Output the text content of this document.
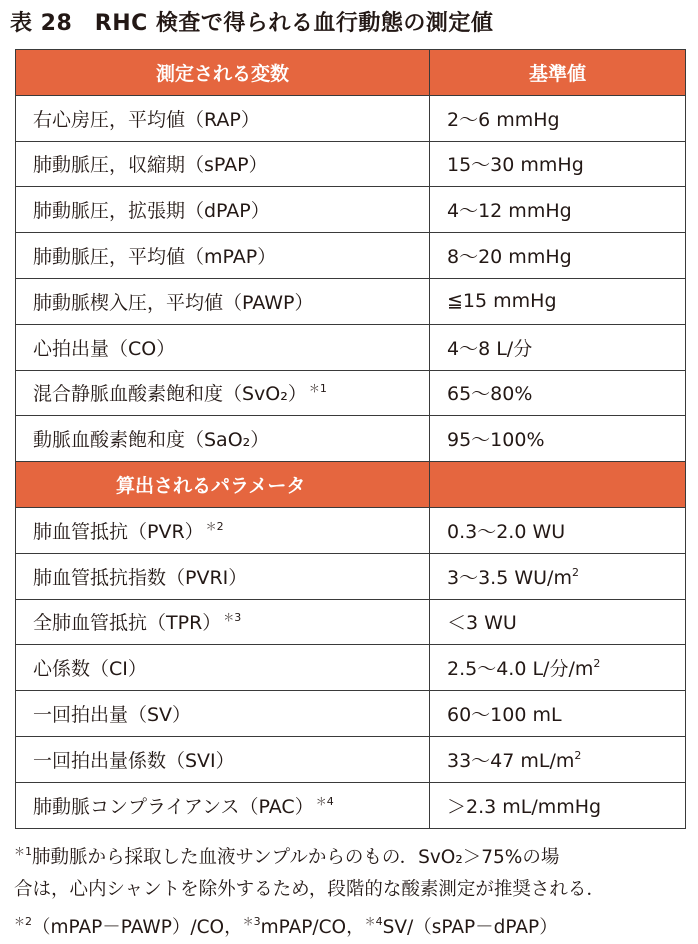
表 28　RHC 検査で得られる血行動態の測定値
測定される変数	基準値
右心房圧，平均値（RAP）	2〜6 mmHg
肺動脈圧，収縮期（sPAP）	15〜30 mmHg
肺動脈圧，拡張期（dPAP）	4〜12 mmHg
肺動脈圧，平均値（mPAP）	8〜20 mmHg
肺動脈楔入圧，平均値（PAWP）	≦15 mmHg
心拍出量（CO）	4〜8 L/分
混合静脈血酸素飽和度（SvO₂） $^{*1}$	65〜80%
動脈血酸素飽和度（SaO₂）	95〜100%
算出されるパラメータ	
肺血管抵抗（PVR） $^{*2}$	0.3〜2.0 WU
肺血管抵抗指数（PVRI）	3〜3.5 $WU/m^2$
全肺血管抵抗（TPR） $^{*3}$	＜3 WU
心係数（CI）	2.5〜4.0 L/分$/m^2$
一回拍出量（SV）	60〜100 mL
一回拍出量係数（SVI）	33〜47 $mL/m^2$
肺動脈コンプライアンス（PAC） $^{*4}$	＞2.3 mL/mmHg
$^{*1}$肺動脈から採取した血液サンプルからのもの．SvO₂＞75%の場
合は，心内シャントを除外するため，段階的な酸素測定が推奨される．
$^{*2}$（mPAP－PAWP）/CO，$^{*3}$mPAP/CO，$^{*4}$SV/（sPAP－dPAP）
